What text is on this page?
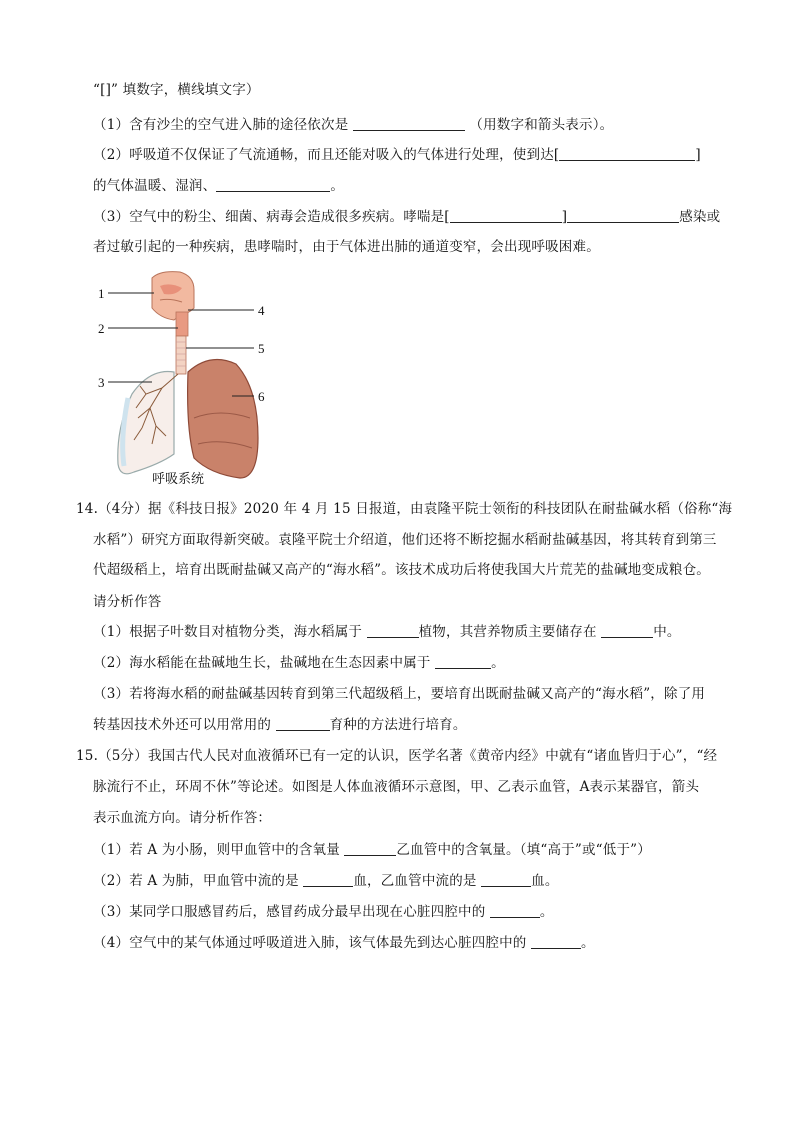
“[]” 填数字，横线填文字）
（1）含有沙尘的空气进入肺的途径依次是	（用数字和箭头表示）。
（2）呼吸道不仅保证了气流通畅，而且还能对吸入的气体进行处理，使到达[	]
的气体温暖、湿润、	。
（3）空气中的粉尘、细菌、病毒会造成很多疾病。哮喘是[	]	感染或
者过敏引起的一种疾病，患哮喘时，由于气体进出肺的通道变窄，会出现呼吸困难。
1
2
3
4
5
6
呼吸系统
14.（4分）据《科技日报》2020 年 4 月 15 日报道，由袁隆平院士领衔的科技团队在耐盐碱水稻（俗称“海
水稻”）研究方面取得新突破。袁隆平院士介绍道，他们还将不断挖掘水稻耐盐碱基因，将其转育到第三
代超级稻上，培育出既耐盐碱又高产的“海水稻”。该技术成功后将使我国大片荒芜的盐碱地变成粮仓。
请分析作答
（1）根据子叶数目对植物分类，海水稻属于	植物，其营养物质主要储存在	中。
（2）海水稻能在盐碱地生长，盐碱地在生态因素中属于	。
（3）若将海水稻的耐盐碱基因转育到第三代超级稻上，要培育出既耐盐碱又高产的“海水稻”，除了用
转基因技术外还可以用常用的	育种的方法进行培育。
15.（5分）我国古代人民对血液循环已有一定的认识，医学名著《黄帝内经》中就有“诸血皆归于心”，“经
脉流行不止，环周不休”等论述。如图是人体血液循环示意图，甲、乙表示血管，A表示某器官，箭头
表示血流方向。请分析作答：
（1）若 A 为小肠，则甲血管中的含氧量	乙血管中的含氧量。（填“高于”或“低于”）
（2）若 A 为肺，甲血管中流的是	血，乙血管中流的是	血。
（3）某同学口服感冒药后，感冒药成分最早出现在心脏四腔中的	。
（4）空气中的某气体通过呼吸道进入肺，该气体最先到达心脏四腔中的	。
